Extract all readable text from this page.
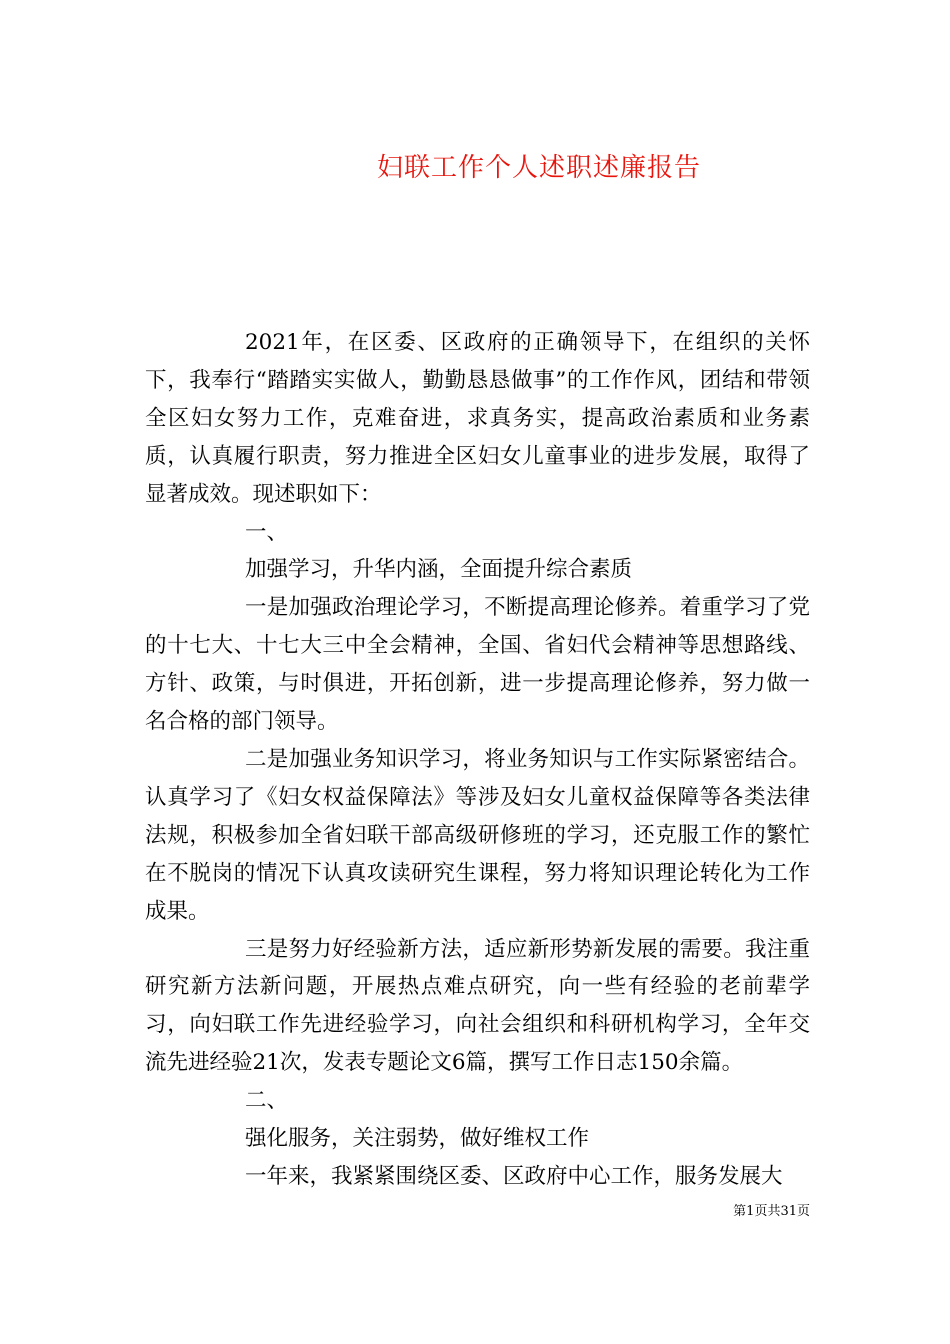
妇联工作个人述职述廉报告

2021年，在区委、区政府的正确领导下，在组织的关怀下，我奉行“踏踏实实做人，勤勤恳恳做事”的工作作风，团结和带领全区妇女努力工作，克难奋进，求真务实，提高政治素质和业务素质，认真履行职责，努力推进全区妇女儿童事业的进步发展，取得了显著成效。现述职如下：

一、

加强学习，升华内涵，全面提升综合素质

一是加强政治理论学习，不断提高理论修养。着重学习了党的十七大、十七大三中全会精神，全国、省妇代会精神等思想路线、方针、政策，与时俱进，开拓创新，进一步提高理论修养，努力做一名合格的部门领导。

二是加强业务知识学习，将业务知识与工作实际紧密结合。认真学习了《妇女权益保障法》等涉及妇女儿童权益保障等各类法律法规，积极参加全省妇联干部高级研修班的学习，还克服工作的繁忙在不脱岗的情况下认真攻读研究生课程，努力将知识理论转化为工作成果。

三是努力好经验新方法，适应新形势新发展的需要。我注重研究新方法新问题，开展热点难点研究，向一些有经验的老前辈学习，向妇联工作先进经验学习，向社会组织和科研机构学习，全年交流先进经验21次，发表专题论文6篇，撰写工作日志150余篇。

二、

强化服务，关注弱势，做好维权工作

一年来，我紧紧围绕区委、区政府中心工作，服务发展大

第1页共31页
